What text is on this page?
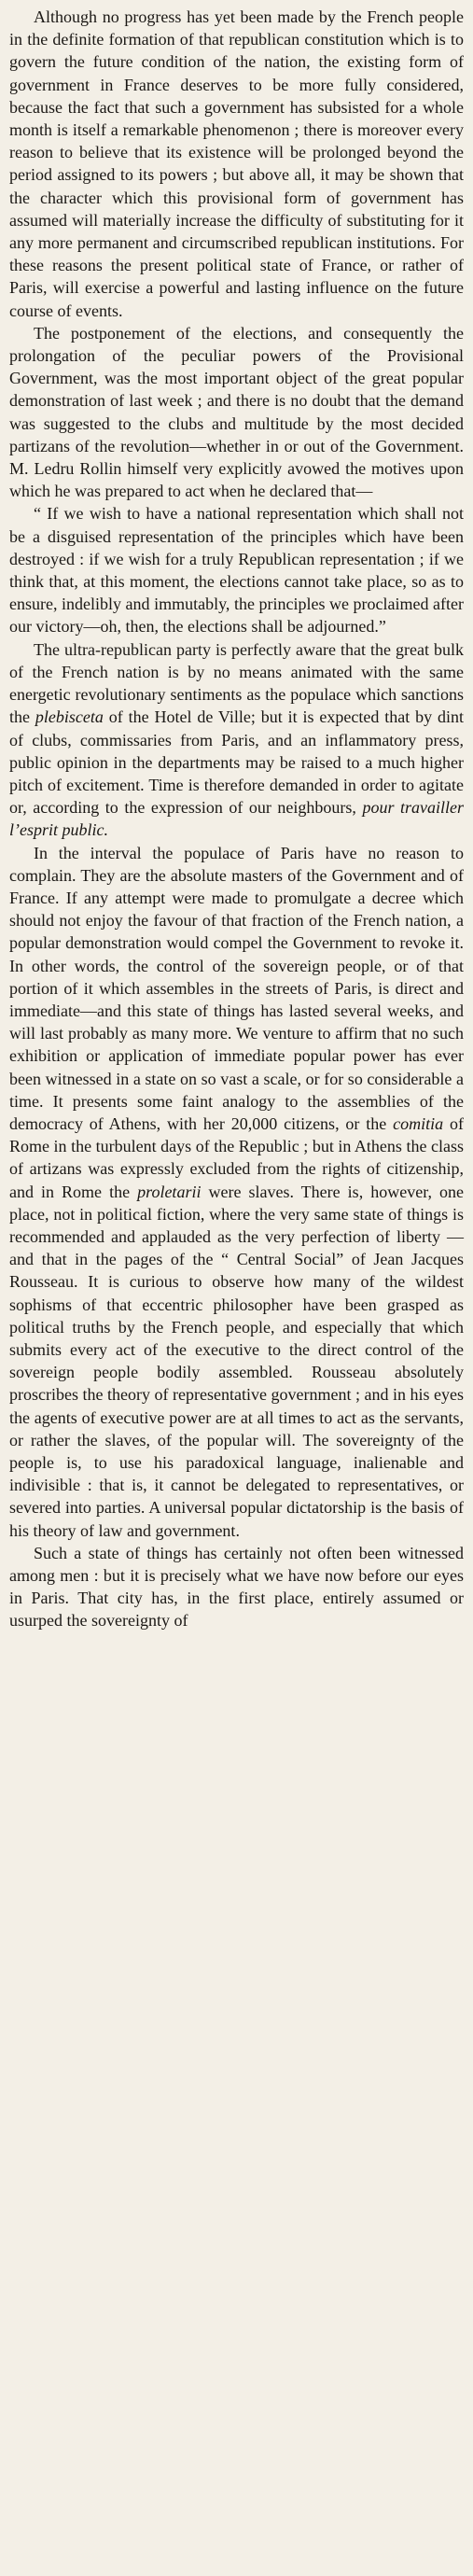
Although no progress has yet been made by the French people in the definite formation of that republican constitution which is to govern the future condition of the nation, the existing form of government in France deserves to be more fully considered, because the fact that such a government has subsisted for a whole month is itself a remarkable phenomenon ; there is moreover every reason to believe that its existence will be prolonged beyond the period assigned to its powers ; but above all, it may be shown that the character which this provisional form of government has assumed will materially increase the difficulty of substituting for it any more permanent and circumscribed republican institutions. For these reasons the present political state of France, or rather of Paris, will exercise a powerful and lasting influence on the future course of events.

The postponement of the elections, and consequently the prolongation of the peculiar powers of the Provisional Government, was the most important object of the great popular demonstration of last week ; and there is no doubt that the demand was suggested to the clubs and multitude by the most decided partizans of the revolution—whether in or out of the Government. M. Ledru Rollin himself very explicitly avowed the motives upon which he was prepared to act when he declared that—

“ If we wish to have a national representation which shall not be a disguised representation of the principles which have been destroyed : if we wish for a truly Republican representation ; if we think that, at this moment, the elections cannot take place, so as to ensure, indelibly and immutably, the principles we proclaimed after our victory—oh, then, the elections shall be adjourned.”

The ultra-republican party is perfectly aware that the great bulk of the French nation is by no means animated with the same energetic revolutionary sentiments as the populace which sanctions the plebisceta of the Hotel de Ville; but it is expected that by dint of clubs, commissaries from Paris, and an inflammatory press, public opinion in the departments may be raised to a much higher pitch of excitement. Time is therefore demanded in order to agitate or, according to the expression of our neighbours, pour travailler l’esprit public.

In the interval the populace of Paris have no reason to complain. They are the absolute masters of the Government and of France. If any attempt were made to promulgate a decree which should not enjoy the favour of that fraction of the French nation, a popular demonstration would compel the Government to revoke it. In other words, the control of the sovereign people, or of that portion of it which assembles in the streets of Paris, is direct and immediate—and this state of things has lasted several weeks, and will last probably as many more. We venture to affirm that no such exhibition or application of immediate popular power has ever been witnessed in a state on so vast a scale, or for so considerable a time. It presents some faint analogy to the assemblies of the democracy of Athens, with her 20,000 citizens, or the comitia of Rome in the turbulent days of the Republic ; but in Athens the class of artizans was expressly excluded from the rights of citizenship, and in Rome the proletarii were slaves. There is, however, one place, not in political fiction, where the very same state of things is recommended and applauded as the very perfection of liberty —and that in the pages of the “ Central Social” of Jean Jacques Rousseau. It is curious to observe how many of the wildest sophisms of that eccentric philosopher have been grasped as political truths by the French people, and especially that which submits every act of the executive to the direct control of the sovereign people bodily assembled. Rousseau absolutely proscribes the theory of representative government ; and in his eyes the agents of executive power are at all times to act as the servants, or rather the slaves, of the popular will. The sovereignty of the people is, to use his paradoxical language, inalienable and indivisible : that is, it cannot be delegated to representatives, or severed into parties. A universal popular dictatorship is the basis of his theory of law and government.

Such a state of things has certainly not often been witnessed among men : but it is precisely what we have now before our eyes in Paris. That city has, in the first place, entirely assumed or usurped the sovereignty of
